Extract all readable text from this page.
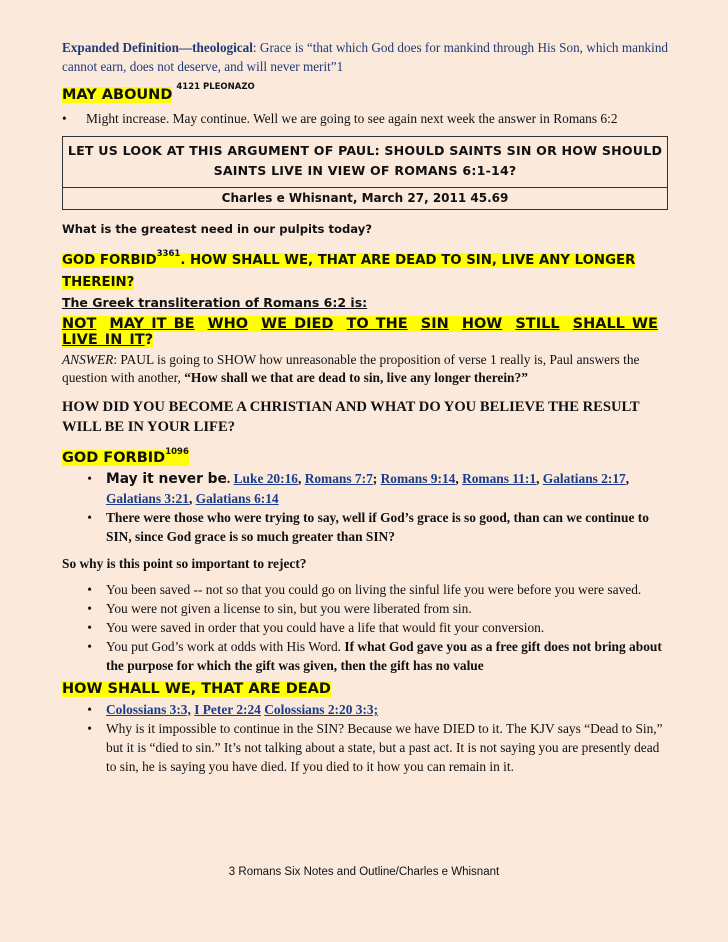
Expanded Definition—theological: Grace is “that which God does for mankind through His Son, which mankind cannot earn, does not deserve, and will never merit”1

MAY ABOUND $^{4121 PLEONAZO}$
•	Might increase. May continue. Well we are going to see again next week the answer in Romans 6:2
LET US LOOK AT THIS ARGUMENT OF PAUL: SHOULD SAINTS SIN OR HOW SHOULD SAINTS LIVE IN VIEW OF ROMANS 6:1-14?
Charles e Whisnant, March 27, 2011 45.69

What is the greatest need in our pulpits today?

GOD $FORBID^{3361}$. HOW SHALL WE, THAT ARE DEAD TO SIN, LIVE ANY LONGER THEREIN?

The Greek transliteration of Romans 6:2 is:

NOT MAY IT BE WHO WE DIED TO THE SIN HOW STILL SHALL WE LIVE IN IT?

ANSWER: PAUL is going to SHOW how unreasonable the proposition of verse 1 really is, Paul answers the question with another, “How shall we that are dead to sin, live any longer therein?”

HOW DID YOU BECOME A CHRISTIAN AND WHAT DO YOU BELIEVE THE RESULT WILL BE IN YOUR LIFE?

GOD $FORBID^{1096}$
•	May it never be. Luke 20:16, Romans 7:7; Romans 9:14, Romans 11:1, Galatians 2:17, Galatians 3:21, Galatians 6:14
•	There were those who were trying to say, well if God’s grace is so good, than can we continue to SIN, since God grace is so much greater than SIN?

So why is this point so important to reject?

•	You been saved -- not so that you could go on living the sinful life you were before you were saved.
•	You were not given a license to sin, but you were liberated from sin.
•	You were saved in order that you could have a life that would fit your conversion.
•	You put God’s work at odds with His Word. If what God gave you as a free gift does not bring about the purpose for which the gift was given, then the gift has no value
HOW SHALL WE, THAT ARE DEAD
•	Colossians 3:3, I Peter 2:24 Colossians 2:20 3:3;
•	Why is it impossible to continue in the SIN? Because we have DIED to it. The KJV says “Dead to Sin,” but it is “died to sin.” It’s not talking about a state, but a past act. It is not saying you are presently dead to sin, he is saying you have died. If you died to it how you can remain in it.
3 Romans Six Notes and Outline/Charles e Whisnant
